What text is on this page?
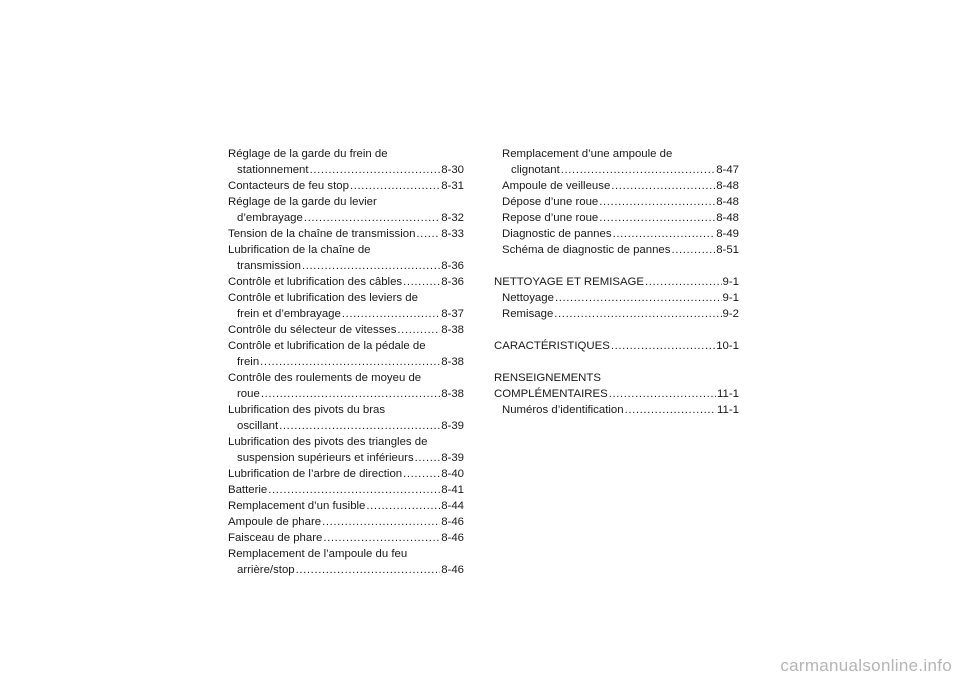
Réglage de la garde du frein de
stationnement .....	8-30
Contacteurs de feu stop .....	8-31
Réglage de la garde du levier
d’embrayage .....	8-32
Tension de la chaîne de transmission ..... 8-33
Lubrification de la chaîne de
transmission .....	8-36
Contrôle et lubrification des câbles .....	8-36
Contrôle et lubrification des leviers de
frein et d’embrayage .....	8-37
Contrôle du sélecteur de vitesses .....	8-38
Contrôle et lubrification de la pédale de
frein .....	8-38
Contrôle des roulements de moyeu de
roue .....	8-38
Lubrification des pivots du bras
oscillant .....	8-39
Lubrification des pivots des triangles de
suspension supérieurs et inférieurs ..... 8-39
Lubrification de l’arbre de direction .....	8-40
Batterie .....	8-41
Remplacement d’un fusible .....	8-44
Ampoule de phare .....	8-46
Faisceau de phare .....	8-46
Remplacement de l’ampoule du feu
arrière/stop .....	8-46
Remplacement d’une ampoule de
clignotant .....	8-47
Ampoule de veilleuse .....	8-48
Dépose d’une roue .....	8-48
Repose d’une roue .....	8-48
Diagnostic de pannes .....	8-49
Schéma de diagnostic de pannes .....	8-51
NETTOYAGE ET REMISAGE .....	9-1
Nettoyage .....	9-1
Remisage .....	9-2
CARACTÉRISTIQUES .....	10-1
RENSEIGNEMENTS
COMPLÉMENTAIRES .....	11-1
Numéros d’identification .....	11-1
carmanualsonline.info
